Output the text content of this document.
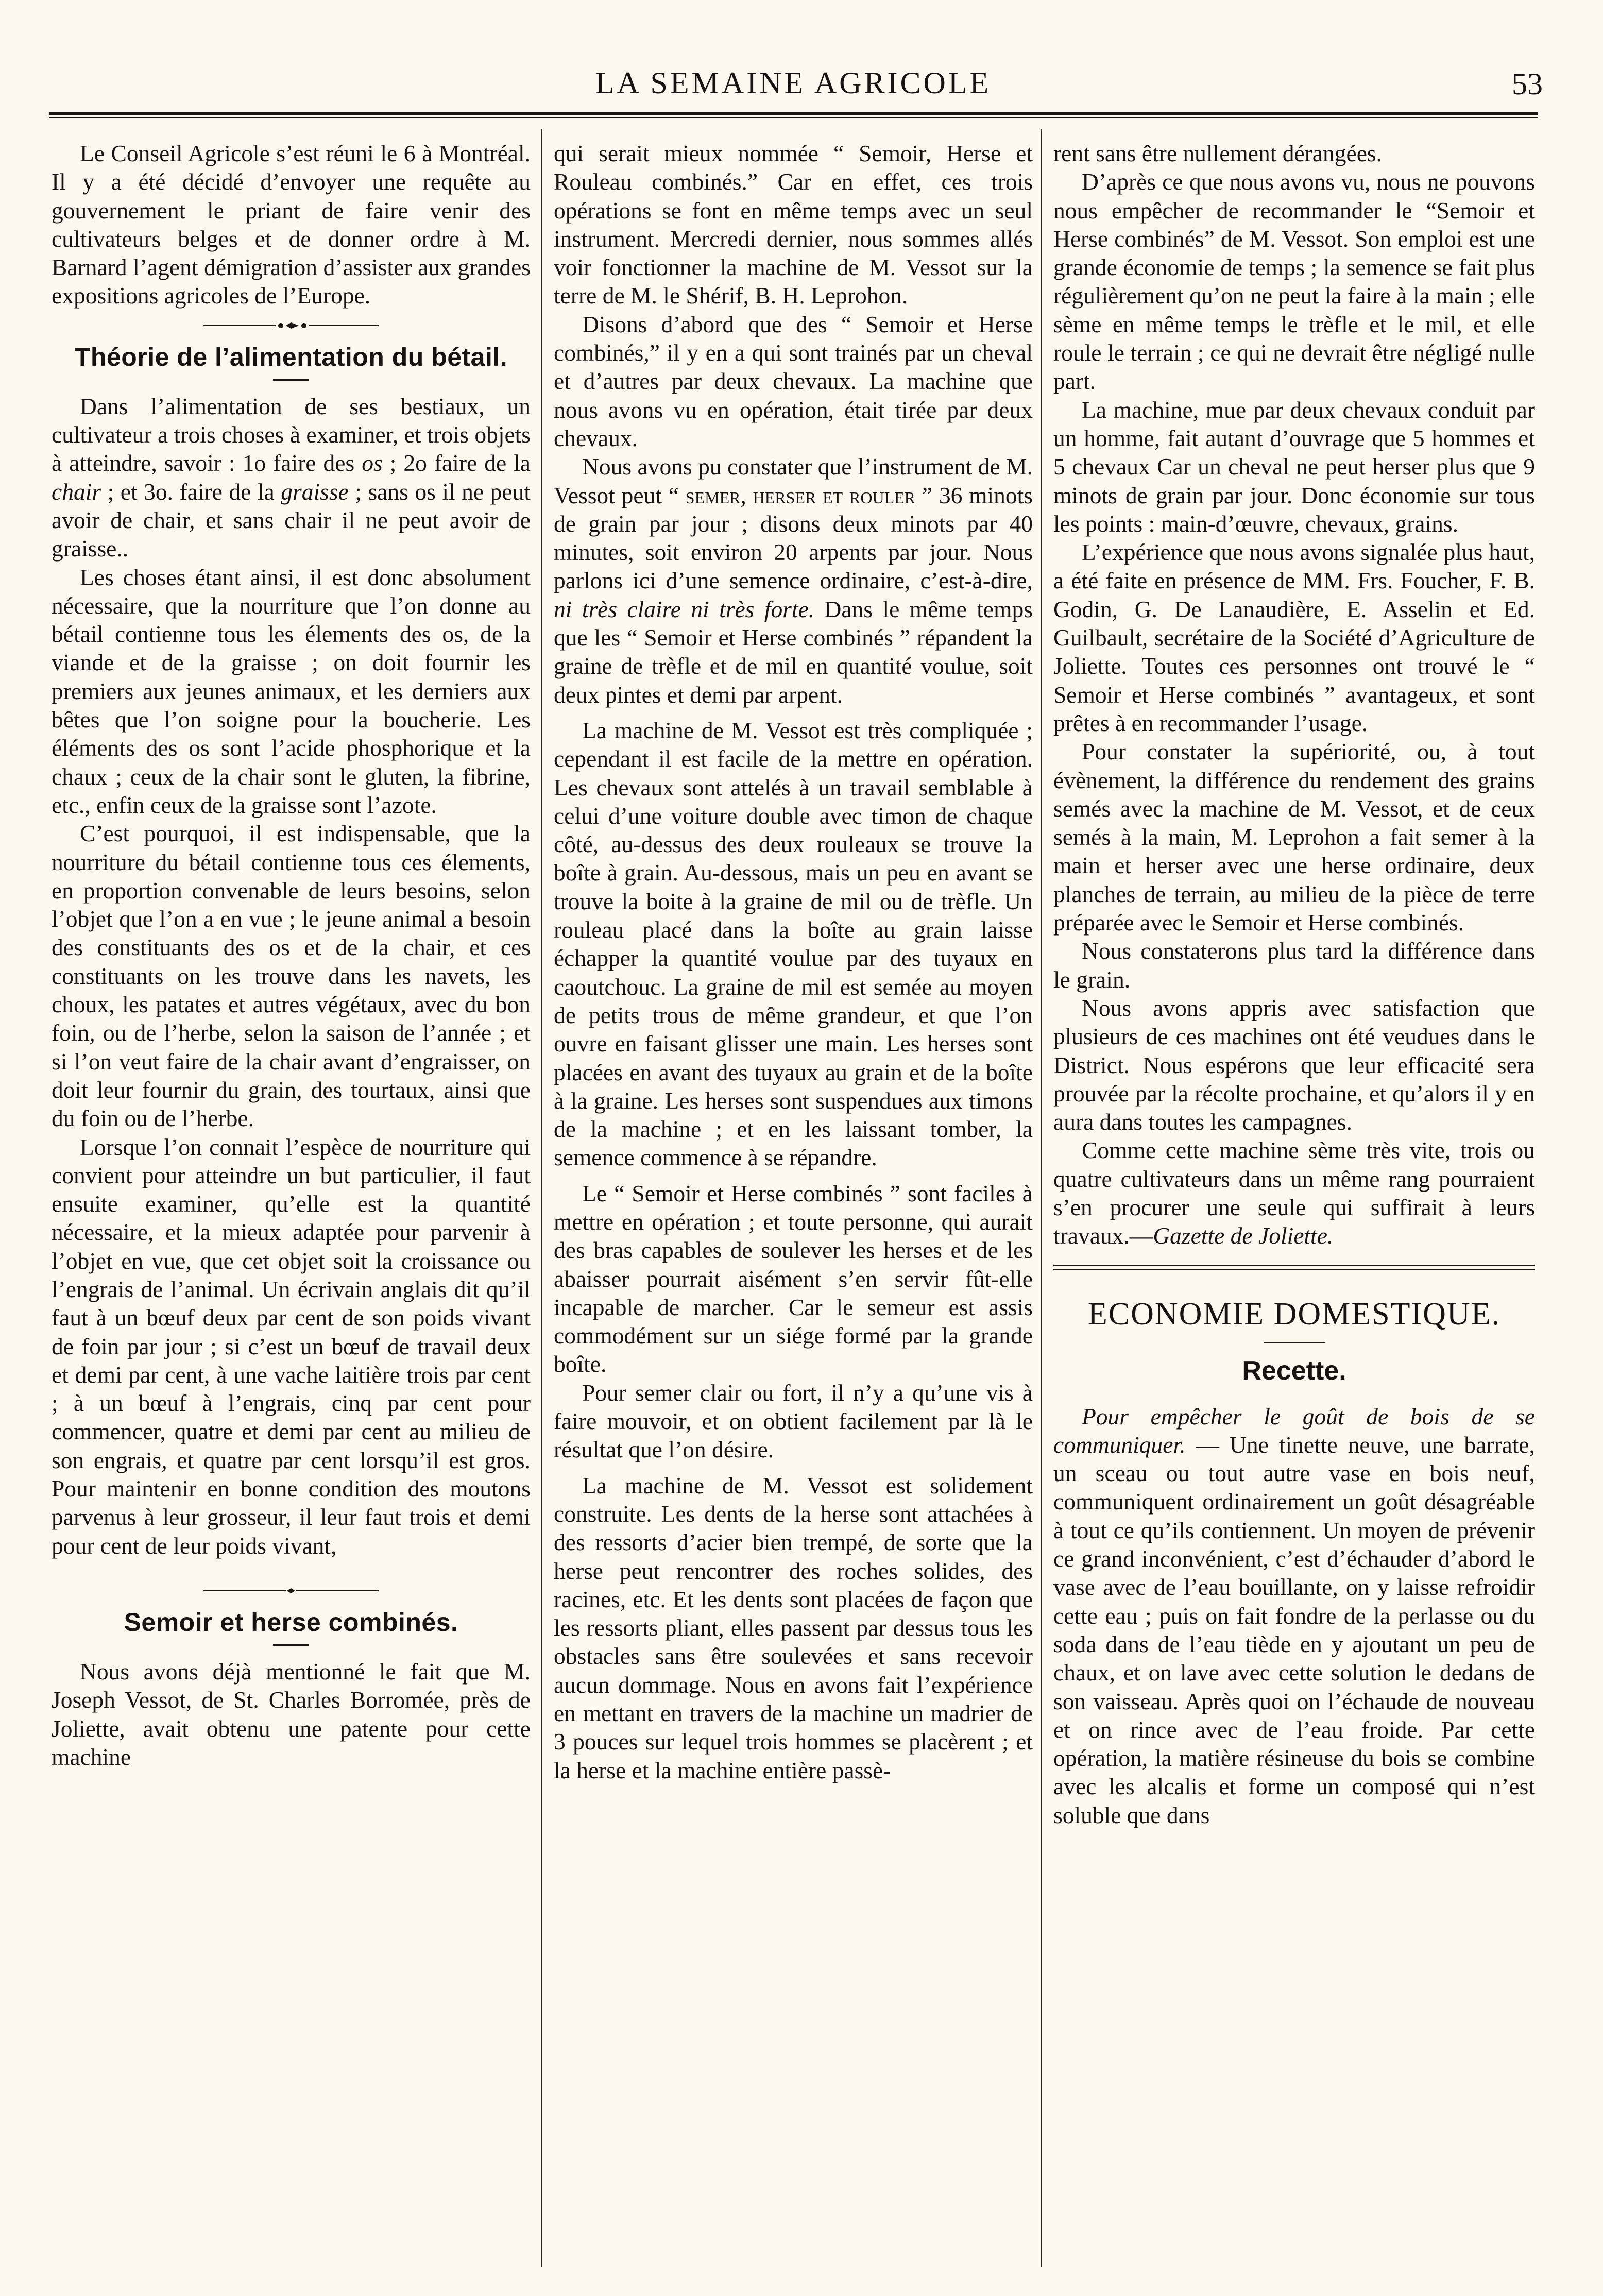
LA SEMAINE AGRICOLE	53

Le Conseil Agricole s’est réuni le 6 à Montréal. Il y a été décidé d’envoyer une requête au gouvernement le priant de faire venir des cultivateurs belges et de donner ordre à M. Barnard l’agent démigration d’assister aux grandes expositions agricoles de l’Europe.

Théorie de l’alimentation du bétail.

Dans l’alimentation de ses bestiaux, un cultivateur a trois choses à examiner, et trois objets à atteindre, savoir : 1o faire des os ; 2o faire de la chair ; et 3o. faire de la graisse ; sans os il ne peut avoir de chair, et sans chair il ne peut avoir de graisse..

Les choses étant ainsi, il est donc absolument nécessaire, que la nourriture que l’on donne au bétail contienne tous les élements des os, de la viande et de la graisse ; on doit fournir les premiers aux jeunes animaux, et les derniers aux bêtes que l’on soigne pour la boucherie. Les éléments des os sont l’acide phosphorique et la chaux ; ceux de la chair sont le gluten, la fibrine, etc., enfin ceux de la graisse sont l’azote.

C’est pourquoi, il est indispensable, que la nourriture du bétail contienne tous ces élements, en proportion convenable de leurs besoins, selon l’objet que l’on a en vue ; le jeune animal a besoin des constituants des os et de la chair, et ces constituants on les trouve dans les navets, les choux, les patates et autres végétaux, avec du bon foin, ou de l’herbe, selon la saison de l’année ; et si l’on veut faire de la chair avant d’engraisser, on doit leur fournir du grain, des tourtaux, ainsi que du foin ou de l’herbe.

Lorsque l’on connait l’espèce de nourriture qui convient pour atteindre un but particulier, il faut ensuite examiner, qu’elle est la quantité nécessaire, et la mieux adaptée pour parvenir à l’objet en vue, que cet objet soit la croissance ou l’engrais de l’animal. Un écrivain anglais dit qu’il faut à un bœuf deux par cent de son poids vivant de foin par jour ; si c’est un bœuf de travail deux et demi par cent, à une vache laitière trois par cent ; à un bœuf à l’engrais, cinq par cent pour commencer, quatre et demi par cent au milieu de son engrais, et quatre par cent lorsqu’il est gros. Pour maintenir en bonne condition des moutons parvenus à leur grosseur, il leur faut trois et demi pour cent de leur poids vivant,

Semoir et herse combinés.

Nous avons déjà mentionné le fait que M. Joseph Vessot, de St. Charles Borromée, près de Joliette, avait obtenu une patente pour cette machine

qui serait mieux nommée “ Semoir, Herse et Rouleau combinés.” Car en effet, ces trois opérations se font en même temps avec un seul instrument. Mercredi dernier, nous sommes allés voir fonctionner la machine de M. Vessot sur la terre de M. le Shérif, B. H. Leprohon.

Disons d’abord que des “ Semoir et Herse combinés,” il y en a qui sont trainés par un cheval et d’autres par deux chevaux. La machine que nous avons vu en opération, était tirée par deux chevaux.

Nous avons pu constater que l’instrument de M. Vessot peut “ semer, herser et rouler ” 36 minots de grain par jour ; disons deux minots par 40 minutes, soit environ 20 arpents par jour. Nous parlons ici d’une semence ordinaire, c’est-à-dire, ni très claire ni très forte. Dans le même temps que les “ Semoir et Herse combinés ” répandent la graine de trèfle et de mil en quantité voulue, soit deux pintes et demi par arpent.

La machine de M. Vessot est très compliquée ; cependant il est facile de la mettre en opération. Les chevaux sont attelés à un travail semblable à celui d’une voiture double avec timon de chaque côté, au-dessus des deux rouleaux se trouve la boîte à grain. Au-dessous, mais un peu en avant se trouve la boite à la graine de mil ou de trèfle. Un rouleau placé dans la boîte au grain laisse échapper la quantité voulue par des tuyaux en caoutchouc. La graine de mil est semée au moyen de petits trous de même grandeur, et que l’on ouvre en faisant glisser une main. Les herses sont placées en avant des tuyaux au grain et de la boîte à la graine. Les herses sont suspendues aux timons de la machine ; et en les laissant tomber, la semence commence à se répandre.

Le “ Semoir et Herse combinés ” sont faciles à mettre en opération ; et toute personne, qui aurait des bras capables de soulever les herses et de les abaisser pourrait aisément s’en servir fût-elle incapable de marcher. Car le semeur est assis commodément sur un siége formé par la grande boîte.

Pour semer clair ou fort, il n’y a qu’une vis à faire mouvoir, et on obtient facilement par là le résultat que l’on désire.

La machine de M. Vessot est solidement construite. Les dents de la herse sont attachées à des ressorts d’acier bien trempé, de sorte que la herse peut rencontrer des roches solides, des racines, etc. Et les dents sont placées de façon que les ressorts pliant, elles passent par dessus tous les obstacles sans être soulevées et sans recevoir aucun dommage. Nous en avons fait l’expérience en mettant en travers de la machine un madrier de 3 pouces sur lequel trois hommes se placèrent ; et la herse et la machine entière passè-

rent sans être nullement dérangées.

D’après ce que nous avons vu, nous ne pouvons nous empêcher de recommander le “Semoir et Herse combinés” de M. Vessot. Son emploi est une grande économie de temps ; la semence se fait plus régulièrement qu’on ne peut la faire à la main ; elle sème en même temps le trèfle et le mil, et elle roule le terrain ; ce qui ne devrait être négligé nulle part.

La machine, mue par deux chevaux conduit par un homme, fait autant d’ouvrage que 5 hommes et 5 chevaux Car un cheval ne peut herser plus que 9 minots de grain par jour. Donc économie sur tous les points : main-d’œuvre, chevaux, grains.

L’expérience que nous avons signalée plus haut, a été faite en présence de MM. Frs. Foucher, F. B. Godin, G. De Lanaudière, E. Asselin et Ed. Guilbault, secrétaire de la Société d’Agriculture de Joliette. Toutes ces personnes ont trouvé le “ Semoir et Herse combinés ” avantageux, et sont prêtes à en recommander l’usage.

Pour constater la supériorité, ou, à tout évènement, la différence du rendement des grains semés avec la machine de M. Vessot, et de ceux semés à la main, M. Leprohon a fait semer à la main et herser avec une herse ordinaire, deux planches de terrain, au milieu de la pièce de terre préparée avec le Semoir et Herse combinés.

Nous constaterons plus tard la différence dans le grain.

Nous avons appris avec satisfaction que plusieurs de ces machines ont été veudues dans le District. Nous espérons que leur efficacité sera prouvée par la récolte prochaine, et qu’alors il y en aura dans toutes les campagnes.

Comme cette machine sème très vite, trois ou quatre cultivateurs dans un même rang pourraient s’en procurer une seule qui suffirait à leurs travaux.—Gazette de Joliette.

ECONOMIE DOMESTIQUE.
Recette.

Pour empêcher le goût de bois de se communiquer. — Une tinette neuve, une barrate, un sceau ou tout autre vase en bois neuf, communiquent ordinairement un goût désagréable à tout ce qu’ils contiennent. Un moyen de prévenir ce grand inconvénient, c’est d’échauder d’abord le vase avec de l’eau bouillante, on y laisse refroidir cette eau ; puis on fait fondre de la perlasse ou du soda dans de l’eau tiède en y ajoutant un peu de chaux, et on lave avec cette solution le dedans de son vaisseau. Après quoi on l’échaude de nouveau et on rince avec de l’eau froide. Par cette opération, la matière résineuse du bois se combine avec les alcalis et forme un composé qui n’est soluble que dans
